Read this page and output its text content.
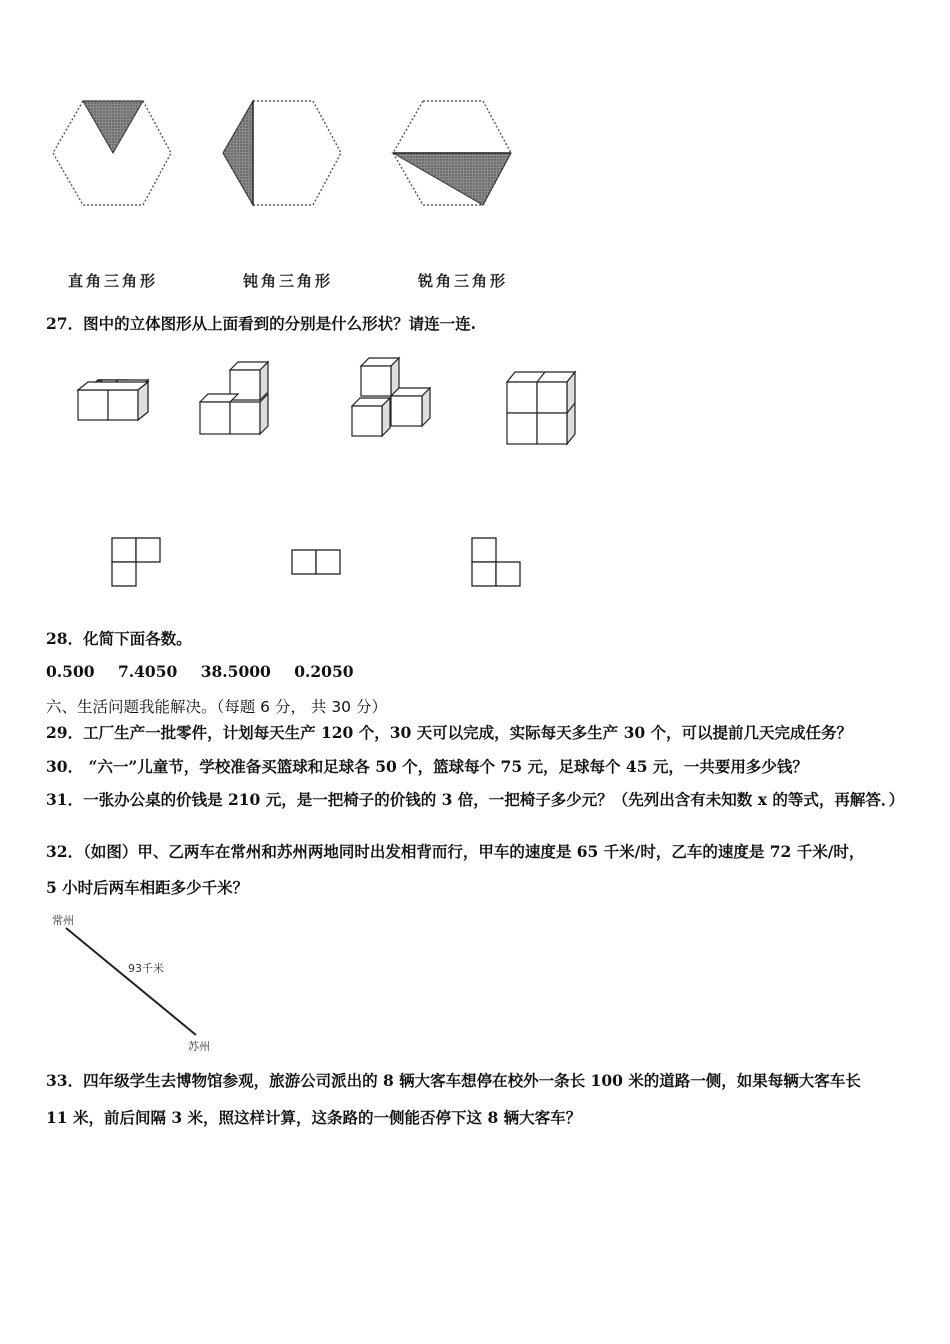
直角三角形	钝角三角形	锐角三角形
27．图中的立体图形从上面看到的分别是什么形状？请连一连.
28．化简下面各数。
0.500 7.4050 38.5000 0.2050
六、生活问题我能解决。（每题 6 分， 共 30 分）
29．工厂生产一批零件，计划每天生产 120 个，30 天可以完成，实际每天多生产 30 个，可以提前几天完成任务？
30． “六一”儿童节，学校准备买篮球和足球各 50 个，篮球每个 75 元，足球每个 45 元，一共要用多少钱？
31．一张办公桌的价钱是 210 元，是一把椅子的价钱的 3 倍，一把椅子多少元？（先列出含有未知数 x 的等式，再解答．）
32．（如图）甲、乙两车在常州和苏州两地同时出发相背而行，甲车的速度是 65 千米/时，乙车的速度是 72 千米/时，
5 小时后两车相距多少千米？
常州
93千米
苏州
33．四年级学生去博物馆参观，旅游公司派出的 8 辆大客车想停在校外一条长 100 米的道路一侧，如果每辆大客车长
11 米，前后间隔 3 米，照这样计算，这条路的一侧能否停下这 8 辆大客车？
